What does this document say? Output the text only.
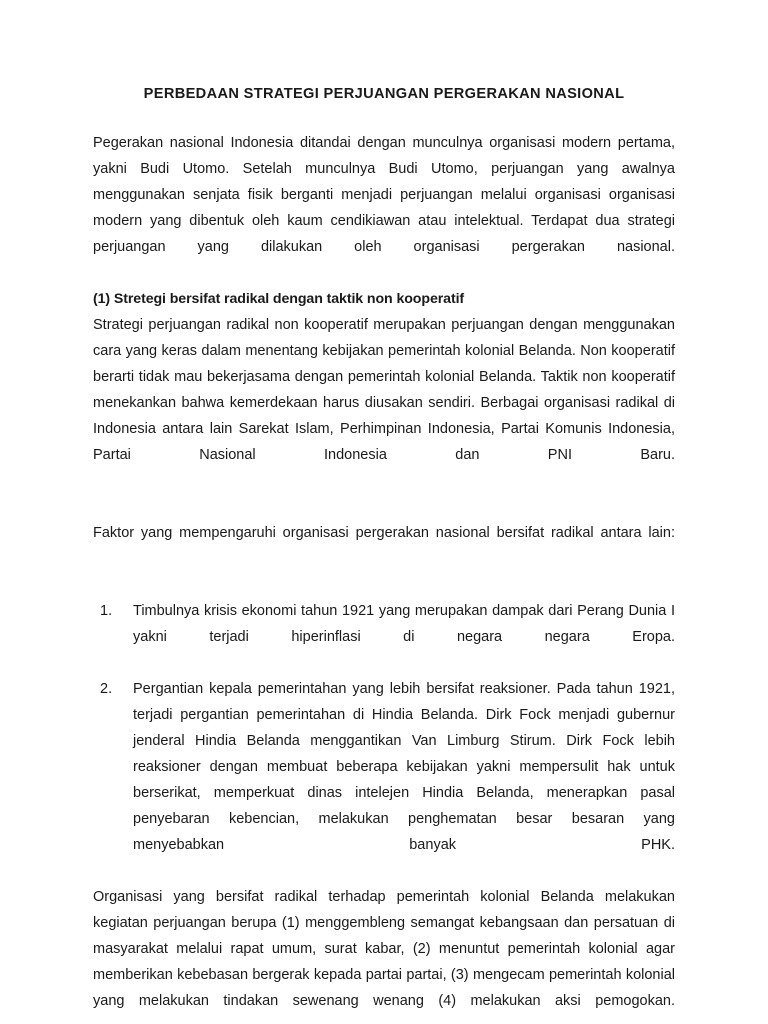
PERBEDAAN STRATEGI PERJUANGAN PERGERAKAN NASIONAL

Pegerakan nasional Indonesia ditandai dengan munculnya organisasi modern pertama, yakni Budi Utomo. Setelah munculnya Budi Utomo, perjuangan yang awalnya menggunakan senjata fisik berganti menjadi perjuangan melalui organisasi organisasi modern yang dibentuk oleh kaum cendikiawan atau intelektual. Terdapat dua strategi perjuangan yang dilakukan oleh organisasi pergerakan nasional.

(1) Stretegi bersifat radikal dengan taktik non kooperatif

Strategi perjuangan radikal non kooperatif merupakan perjuangan dengan menggunakan cara yang keras dalam menentang kebijakan pemerintah kolonial Belanda. Non kooperatif berarti tidak mau bekerjasama dengan pemerintah kolonial Belanda. Taktik non kooperatif menekankan bahwa kemerdekaan harus diusakan sendiri. Berbagai organisasi radikal di Indonesia antara lain Sarekat Islam, Perhimpinan Indonesia, Partai Komunis Indonesia, Partai Nasional Indonesia dan PNI Baru.

Faktor yang mempengaruhi organisasi pergerakan nasional bersifat radikal antara lain:

1. Timbulnya krisis ekonomi tahun 1921 yang merupakan dampak dari Perang Dunia I yakni terjadi hiperinflasi di negara negara Eropa.
2. Pergantian kepala pemerintahan yang lebih bersifat reaksioner. Pada tahun 1921, terjadi pergantian pemerintahan di Hindia Belanda. Dirk Fock menjadi gubernur jenderal Hindia Belanda menggantikan Van Limburg Stirum. Dirk Fock lebih reaksioner dengan membuat beberapa kebijakan yakni mempersulit hak untuk berserikat, memperkuat dinas intelejen Hindia Belanda, menerapkan pasal penyebaran kebencian, melakukan penghematan besar besaran yang menyebabkan banyak PHK.

Organisasi yang bersifat radikal terhadap pemerintah kolonial Belanda melakukan kegiatan perjuangan berupa (1) menggembleng semangat kebangsaan dan persatuan di masyarakat melalui rapat umum, surat kabar, (2) menuntut pemerintah kolonial agar memberikan kebebasan bergerak kepada partai partai, (3) mengecam pemerintah kolonial yang melakukan tindakan sewenang wenang (4) melakukan aksi pemogokan.
